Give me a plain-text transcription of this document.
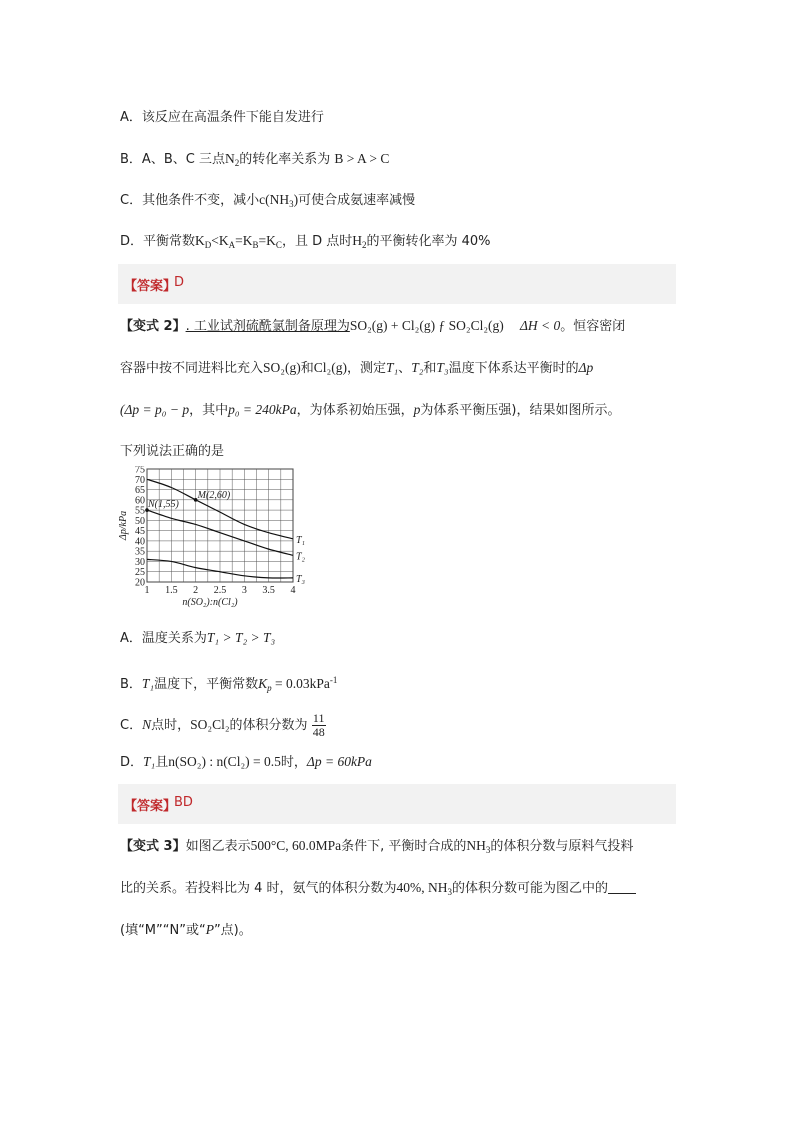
A．该反应在高温条件下能自发进行
B．A、B、C 三点$N_2$的转化率关系为 B > A > C
C．其他条件不变，减小$c(NH_3)$可使合成氨速率减慢
D．平衡常数$K_D<K_A=K_B=K_C$，且 D 点时$H_2$的平衡转化率为 40%
【答案】
D
【变式 2】. 工业试剂硫酰氯制备原理为SO₂(g) + Cl₂(g) ƒ SO₂Cl₂(g) ΔH < 0。恒容密闭
容器中按不同进料比充入SO₂(g)和Cl₂(g)，测定T₁、T₂和T₃温度下体系达平衡时的Δp
(Δp = p₀ − p，其中p₀ = 240kPa，为体系初始压强，p为体系平衡压强)，结果如图所示。
下列说法正确的是
20
25
30
35
40
45
50
55
60
65
70
75
1 1.5 2 2.5 3 3.5 4
n(SO₂):n(Cl₂)
Δp/kPa
T₁
T₂
T₃
M(2,60)
N(1,55)
A．温度关系为T₁ > T₂ > T₃
B．T₁温度下，平衡常数$K_p = 0.03kPa^{-1}$
C．N点时，SO₂Cl₂的体积分数为 $\frac{11}{48}$
D．T₁且n(SO₂) : n(Cl₂) = 0.5时，Δp = 60kPa
【答案】
BD
【变式 3】如图乙表示500°C, 60.0MPa条件下, 平衡时合成的$NH_3$的体积分数与原料气投料
比的关系。若投料比为 4 时，氨气的体积分数为40%, $NH_3$的体积分数可能为图乙中的
(填“M”“N”或“P”点)。
